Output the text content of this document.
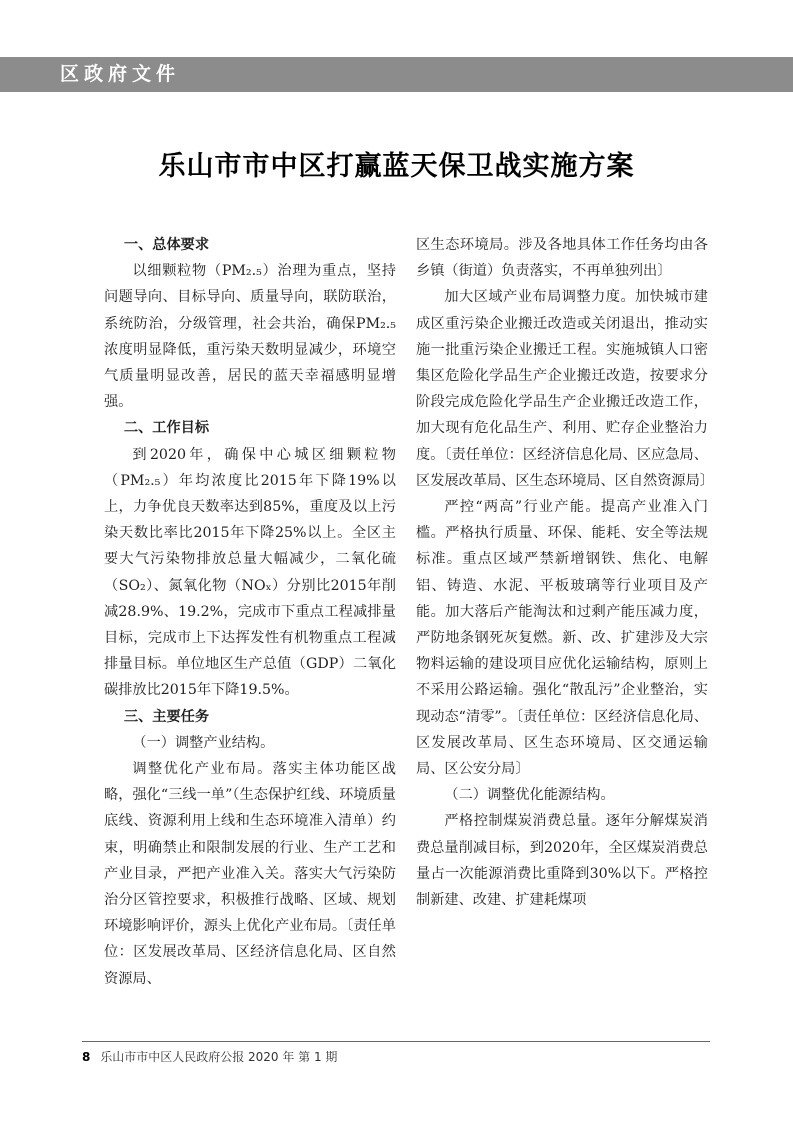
区政府文件
乐山市市中区打赢蓝天保卫战实施方案

一、总体要求

以细颗粒物（PM₂.₅）治理为重点，坚持问题导向、目标导向、质量导向，联防联治，系统防治，分级管理，社会共治，确保PM₂.₅浓度明显降低，重污染天数明显减少，环境空气质量明显改善，居民的蓝天幸福感明显增强。

二、工作目标

到2020年，确保中心城区细颗粒物（PM₂.₅）年均浓度比2015年下降19%以上，力争优良天数率达到85%，重度及以上污染天数比率比2015年下降25%以上。全区主要大气污染物排放总量大幅减少，二氧化硫（SO₂）、氮氧化物（NOₓ）分别比2015年削减28.9%、19.2%，完成市下重点工程减排量目标，完成市上下达挥发性有机物重点工程减排量目标。单位地区生产总值（GDP）二氧化碳排放比2015年下降19.5%。

三、主要任务

（一）调整产业结构。

调整优化产业布局。落实主体功能区战略，强化“三线一单”（生态保护红线、环境质量底线、资源利用上线和生态环境准入清单）约束，明确禁止和限制发展的行业、生产工艺和产业目录，严把产业准入关。落实大气污染防治分区管控要求，积极推行战略、区域、规划环境影响评价，源头上优化产业布局。〔责任单位：区发展改革局、区经济信息化局、区自然资源局、

区生态环境局。涉及各地具体工作任务均由各乡镇（街道）负责落实，不再单独列出〕

加大区域产业布局调整力度。加快城市建成区重污染企业搬迁改造或关闭退出，推动实施一批重污染企业搬迁工程。实施城镇人口密集区危险化学品生产企业搬迁改造，按要求分阶段完成危险化学品生产企业搬迁改造工作，加大现有危化品生产、利用、贮存企业整治力度。〔责任单位：区经济信息化局、区应急局、区发展改革局、区生态环境局、区自然资源局〕

严控“两高”行业产能。提高产业准入门槛。严格执行质量、环保、能耗、安全等法规标准。重点区域严禁新增钢铁、焦化、电解铝、铸造、水泥、平板玻璃等行业项目及产能。加大落后产能淘汰和过剩产能压减力度，严防地条钢死灰复燃。新、改、扩建涉及大宗物料运输的建设项目应优化运输结构，原则上不采用公路运输。强化“散乱污”企业整治，实现动态“清零”。〔责任单位：区经济信息化局、区发展改革局、区生态环境局、区交通运输局、区公安分局〕

（二）调整优化能源结构。

严格控制煤炭消费总量。逐年分解煤炭消费总量削减目标，到2020年，全区煤炭消费总量占一次能源消费比重降到30%以下。严格控制新建、改建、扩建耗煤项

8 乐山市市中区人民政府公报 2020 年 第 1 期
